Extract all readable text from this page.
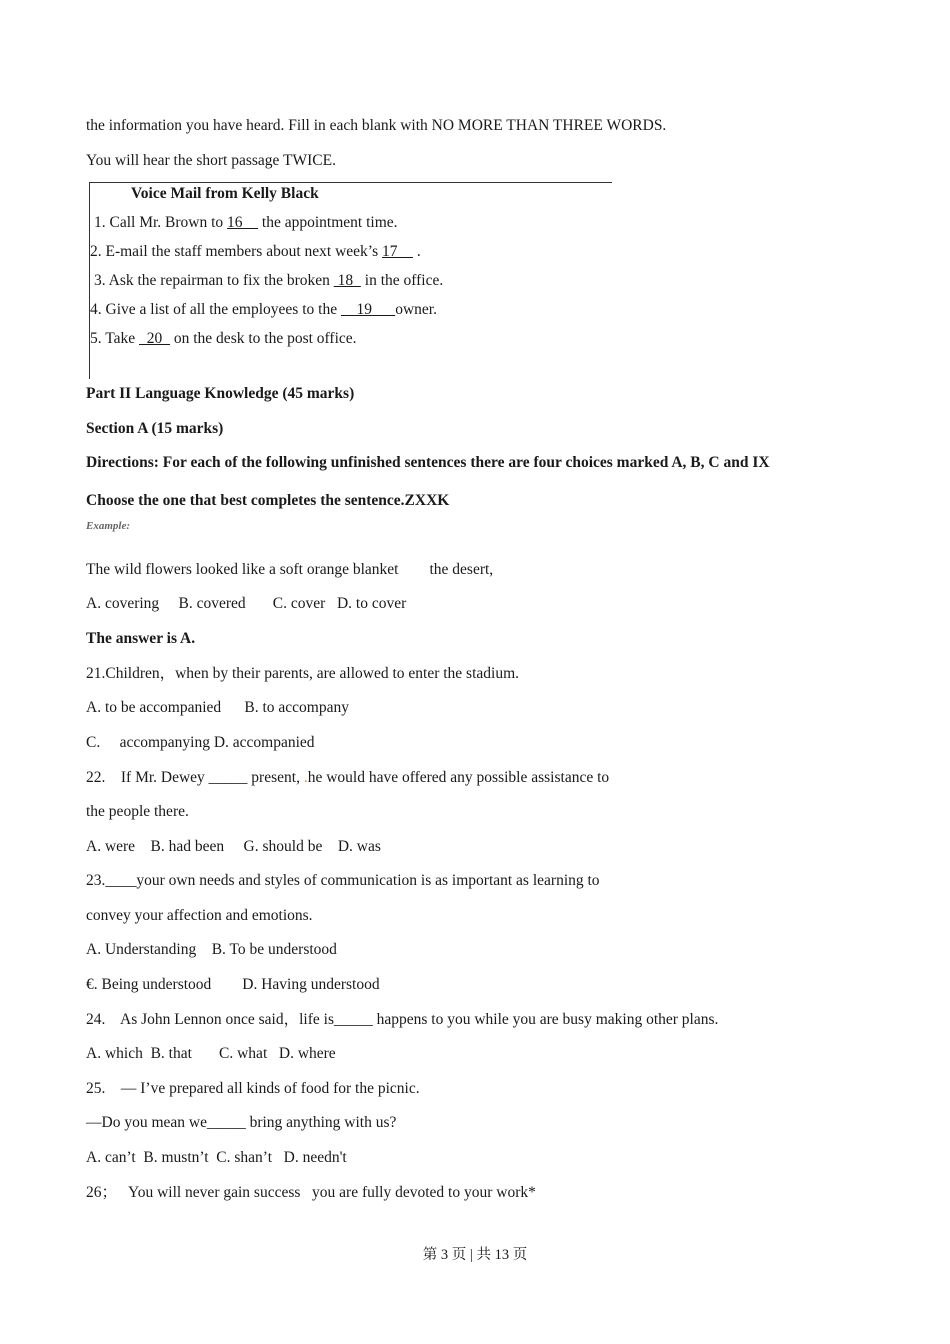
the information you have heard. Fill in each blank with NO MORE THAN THREE WORDS.
You will hear the short passage TWICE.
Voice Mail from Kelly Black
1. Call Mr. Brown to 16     the appointment time.
2. E-mail the staff members about next week’s 17     .
3. Ask the repairman to fix the broken  18   in the office.
4. Give a list of all the employees to the     19      owner.
5. Take   20   on the desk to the post office.
Part II Language Knowledge (45 marks)
Section A (15 marks)
Directions: For each of the following unfinished sentences there are four choices marked A, B, C and IX
Choose the one that best completes the sentence.ZXXK
Example:
The wild flowers looked like a soft orange blanket        the desert,
A. covering     B. covered       C. cover   D. to cover
The answer is A.
21.Children，when by their parents, are allowed to enter the stadium.
A. to be accompanied      B. to accompany
C.     accompanying D. accompanied
22.    If Mr. Dewey _____ present, .he would have offered any possible assistance to
the people there.
A. were    B. had been     G. should be    D. was
23.____your own needs and styles of communication is as important as learning to
convey your affection and emotions.
A. Understanding    B. To be understood
€. Being understood        D. Having understood
24.    As John Lennon once said，life is_____ happens to you while you are busy making other plans.
A. which  B. that       C. what   D. where
25.    — I’ve prepared all kinds of food for the picnic.
—Do you mean we_____ bring anything with us?
A. can’t  B. mustn’t  C. shan’t   D. needn't
26；   You will never gain success   you are fully devoted to your work*
第 3 页 | 共 13 页
